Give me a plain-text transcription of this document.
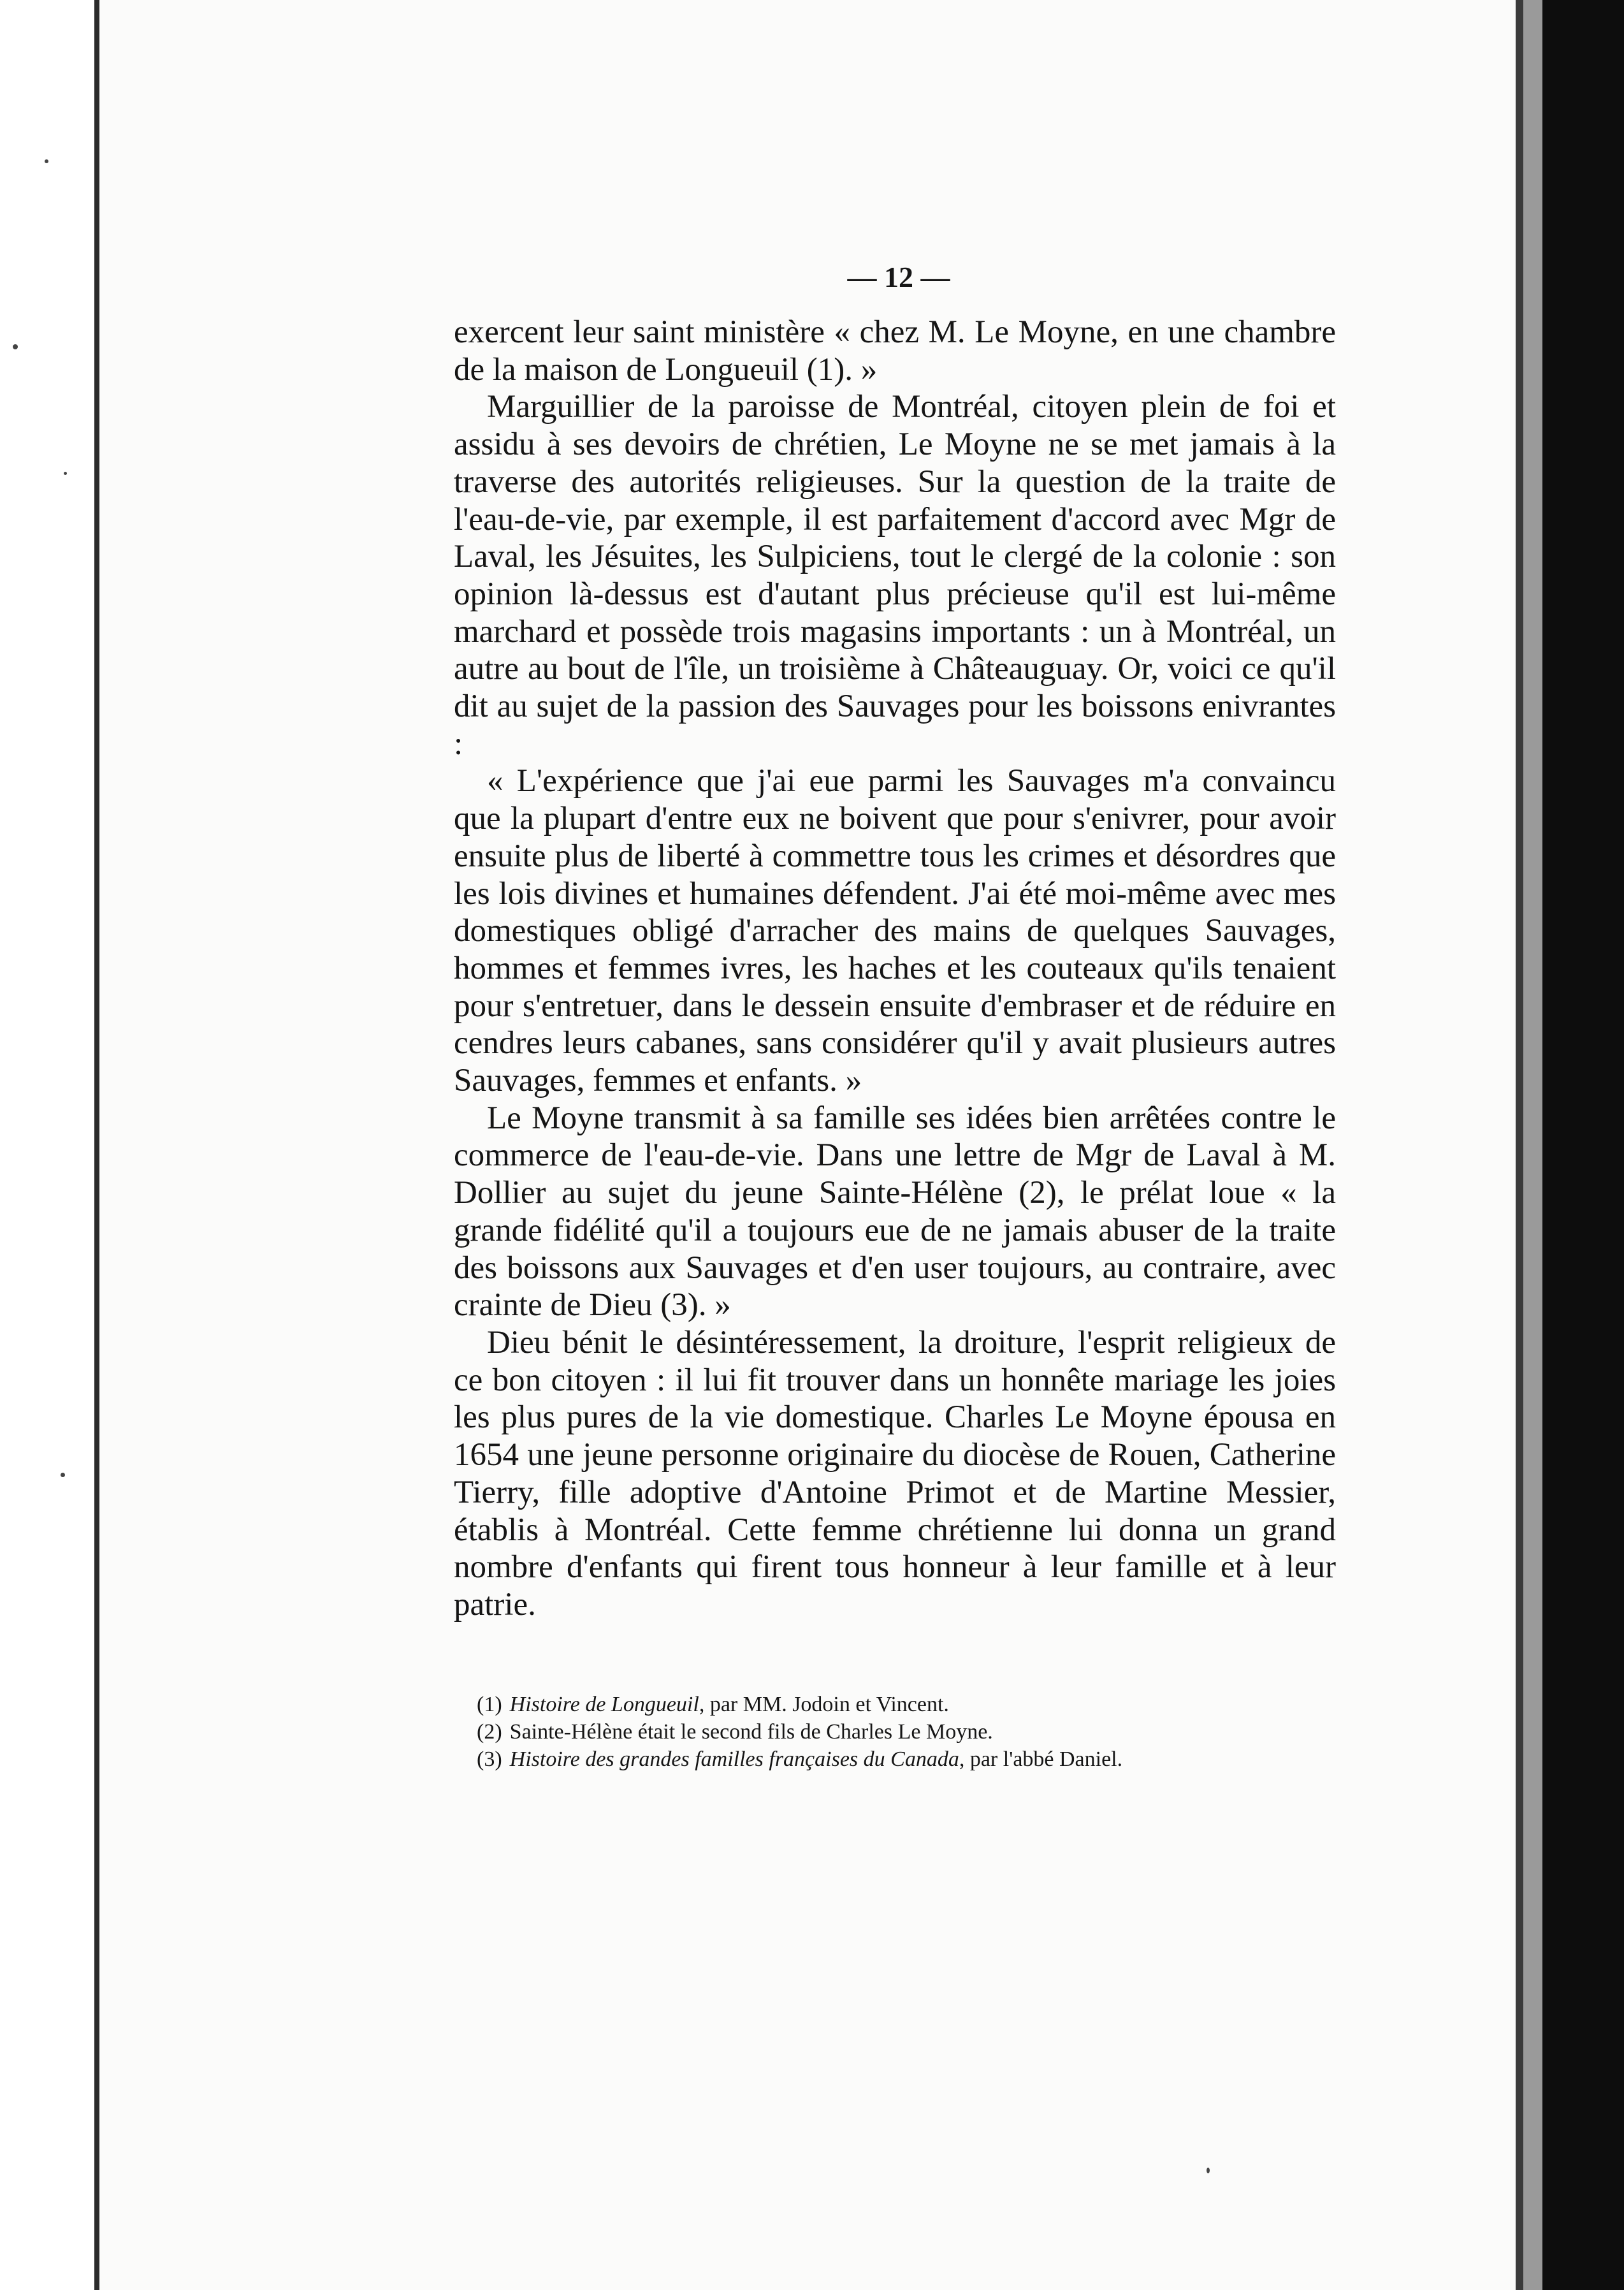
— 12 —

exercent leur saint ministère « chez M. Le Moyne, en une chambre de la maison de Longueuil (1). »

Marguillier de la paroisse de Montréal, citoyen plein de foi et assidu à ses devoirs de chrétien, Le Moyne ne se met jamais à la traverse des autorités religieuses. Sur la question de la traite de l'eau-de-vie, par exemple, il est parfaitement d'accord avec Mgr de Laval, les Jésuites, les Sulpiciens, tout le clergé de la colonie : son opinion là-dessus est d'autant plus précieuse qu'il est lui-même marchard et possède trois magasins importants : un à Montréal, un autre au bout de l'île, un troisième à Châteauguay. Or, voici ce qu'il dit au sujet de la passion des Sauvages pour les boissons enivrantes :

« L'expérience que j'ai eue parmi les Sauvages m'a convaincu que la plupart d'entre eux ne boivent que pour s'enivrer, pour avoir ensuite plus de liberté à commettre tous les crimes et désordres que les lois divines et humaines défendent. J'ai été moi-même avec mes domestiques obligé d'arracher des mains de quelques Sauvages, hommes et femmes ivres, les haches et les couteaux qu'ils tenaient pour s'entretuer, dans le dessein ensuite d'embraser et de réduire en cendres leurs cabanes, sans considérer qu'il y avait plusieurs autres Sauvages, femmes et enfants. »

Le Moyne transmit à sa famille ses idées bien arrêtées contre le commerce de l'eau-de-vie. Dans une lettre de Mgr de Laval à M. Dollier au sujet du jeune Sainte-Hélène (2), le prélat loue « la grande fidélité qu'il a toujours eue de ne jamais abuser de la traite des boissons aux Sauvages et d'en user toujours, au contraire, avec crainte de Dieu (3). »

Dieu bénit le désintéressement, la droiture, l'esprit religieux de ce bon citoyen : il lui fit trouver dans un honnête mariage les joies les plus pures de la vie domestique. Charles Le Moyne épousa en 1654 une jeune personne originaire du diocèse de Rouen, Catherine Tierry, fille adoptive d'Antoine Primot et de Martine Messier, établis à Montréal. Cette femme chrétienne lui donna un grand nombre d'enfants qui firent tous honneur à leur famille et à leur patrie.

(1) Histoire de Longueuil, par MM. Jodoin et Vincent.

(2) Sainte-Hélène était le second fils de Charles Le Moyne.

(3) Histoire des grandes familles françaises du Canada, par l'abbé Daniel.
